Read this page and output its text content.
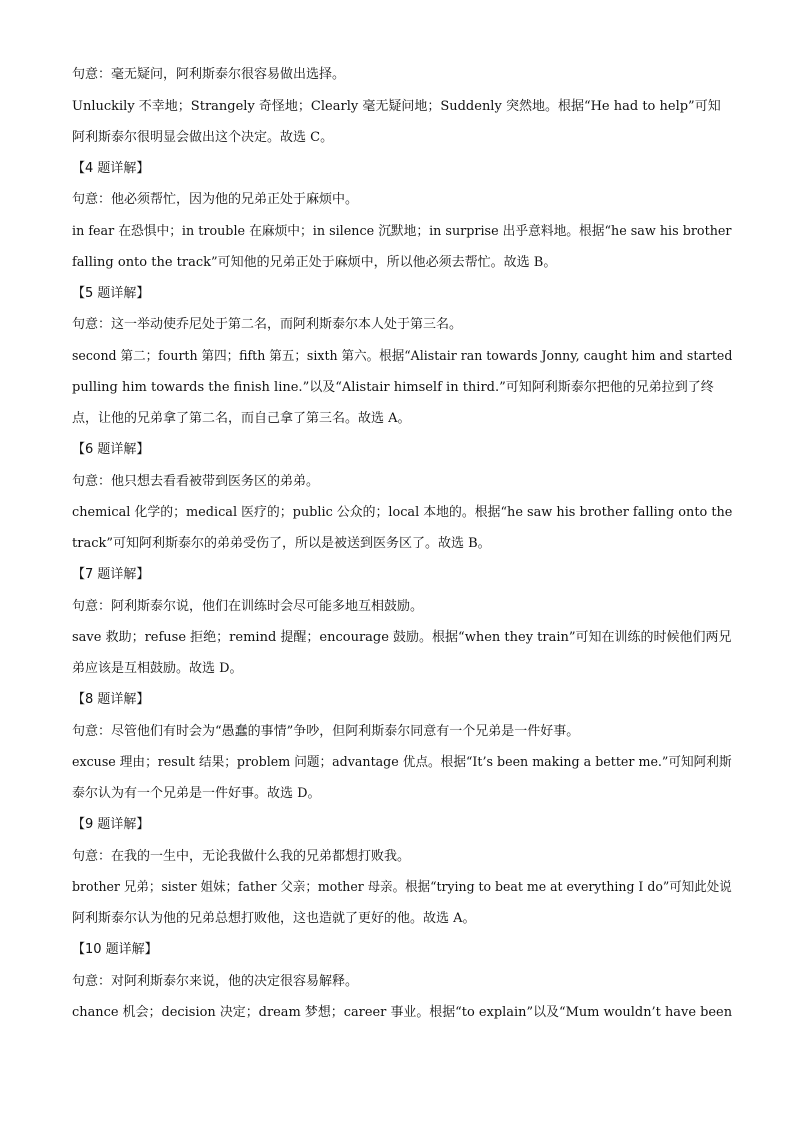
句意：毫无疑问，阿利斯泰尔很容易做出选择。
Unluckily 不幸地；Strangely 奇怪地；Clearly 毫无疑问地；Suddenly 突然地。根据“He had to help”可知
阿利斯泰尔很明显会做出这个决定。故选 C。
【4 题详解】
句意：他必须帮忙，因为他的兄弟正处于麻烦中。
in fear 在恐惧中；in trouble 在麻烦中；in silence 沉默地；in surprise 出乎意料地。根据“he saw his brother
falling onto the track”可知他的兄弟正处于麻烦中，所以他必须去帮忙。故选 B。
【5 题详解】
句意：这一举动使乔尼处于第二名，而阿利斯泰尔本人处于第三名。
second 第二；fourth 第四；fifth 第五；sixth 第六。根据“Alistair ran towards Jonny, caught him and started
pulling him towards the finish line.”以及“Alistair himself in third.”可知阿利斯泰尔把他的兄弟拉到了终
点，让他的兄弟拿了第二名，而自己拿了第三名。故选 A。
【6 题详解】
句意：他只想去看看被带到医务区的弟弟。
chemical 化学的；medical 医疗的；public 公众的；local 本地的。根据“he saw his brother falling onto the
track”可知阿利斯泰尔的弟弟受伤了，所以是被送到医务区了。故选 B。
【7 题详解】
句意：阿利斯泰尔说，他们在训练时会尽可能多地互相鼓励。
save 救助；refuse 拒绝；remind 提醒；encourage 鼓励。根据“when they train”可知在训练的时候他们两兄
弟应该是互相鼓励。故选 D。
【8 题详解】
句意：尽管他们有时会为“愚蠢的事情”争吵，但阿利斯泰尔同意有一个兄弟是一件好事。
excuse 理由；result 结果；problem 问题；advantage 优点。根据“It’s been making a better me.”可知阿利斯
泰尔认为有一个兄弟是一件好事。故选 D。
【9 题详解】
句意：在我的一生中，无论我做什么我的兄弟都想打败我。
brother 兄弟；sister 姐妹；father 父亲；mother 母亲。根据“trying to beat me at everything I do”可知此处说
阿利斯泰尔认为他的兄弟总想打败他，这也造就了更好的他。故选 A。
【10 题详解】
句意：对阿利斯泰尔来说，他的决定很容易解释。
chance 机会；decision 决定；dream 梦想；career 事业。根据“to explain”以及“Mum wouldn’t have been
